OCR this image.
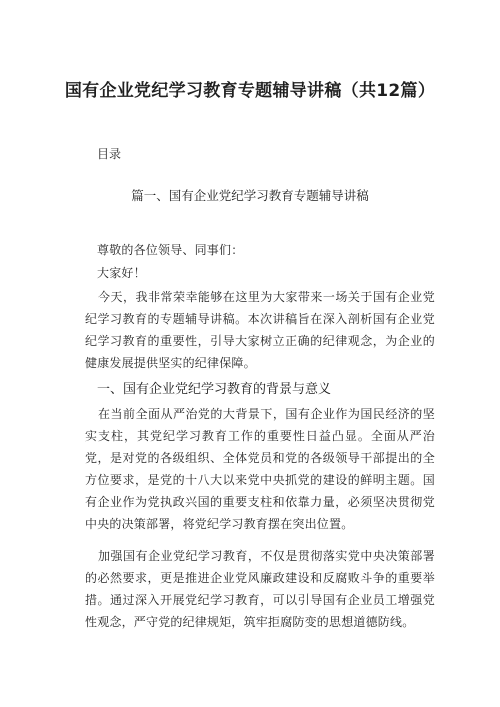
国有企业党纪学习教育专题辅导讲稿（共12篇）
目录
篇一、国有企业党纪学习教育专题辅导讲稿
尊敬的各位领导、同事们：
大家好！
今天，我非常荣幸能够在这里为大家带来一场关于国有企业党纪学习教育的专题辅导讲稿。本次讲稿旨在深入剖析国有企业党纪学习教育的重要性，引导大家树立正确的纪律观念，为企业的健康发展提供坚实的纪律保障。
一、国有企业党纪学习教育的背景与意义
在当前全面从严治党的大背景下，国有企业作为国民经济的坚实支柱，其党纪学习教育工作的重要性日益凸显。全面从严治党，是对党的各级组织、全体党员和党的各级领导干部提出的全方位要求，是党的十八大以来党中央抓党的建设的鲜明主题。国有企业作为党执政兴国的重要支柱和依靠力量，必须坚决贯彻党中央的决策部署，将党纪学习教育摆在突出位置。
加强国有企业党纪学习教育，不仅是贯彻落实党中央决策部署的必然要求，更是推进企业党风廉政建设和反腐败斗争的重要举措。通过深入开展党纪学习教育，可以引导国有企业员工增强党性观念，严守党的纪律规矩，筑牢拒腐防变的思想道德防线。
